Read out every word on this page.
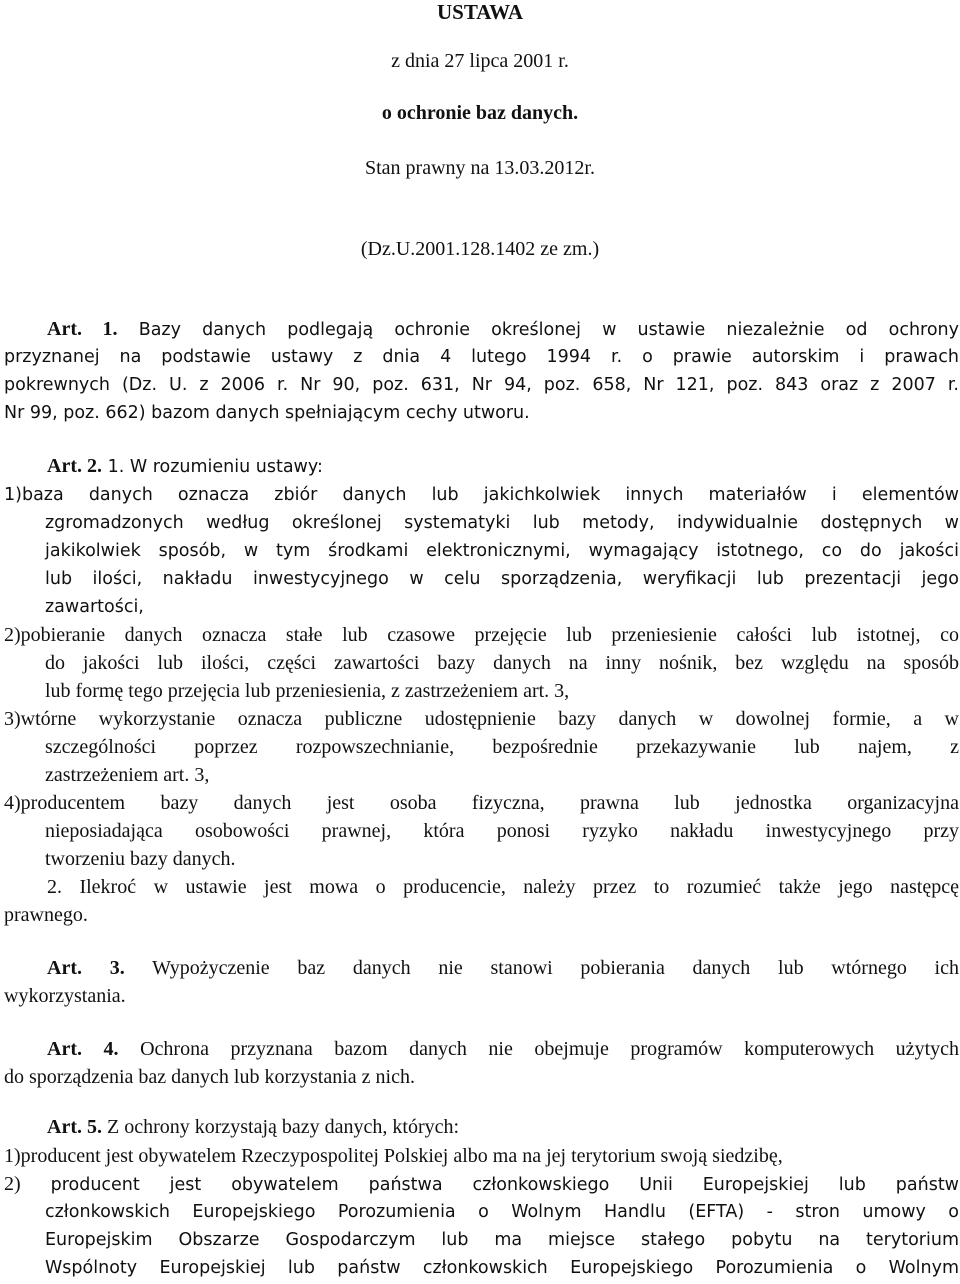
USTAWA
z dnia 27 lipca 2001 r.
o ochronie baz danych.
Stan prawny na 13.03.2012r.
(Dz.U.2001.128.1402 ze zm.)
Art. 1. Bazy danych podlegają ochronie określonej w ustawie niezależnie od ochrony
przyznanej na podstawie ustawy z dnia 4 lutego 1994 r. o prawie autorskim i prawach
pokrewnych (Dz. U. z 2006 r. Nr 90, poz. 631, Nr 94, poz. 658, Nr 121, poz. 843 oraz z 2007 r.
Nr 99, poz. 662) bazom danych spełniającym cechy utworu.
Art. 2. 1. W rozumieniu ustawy:
1)baza danych oznacza zbiór danych lub jakichkolwiek innych materiałów i elementów
zgromadzonych według określonej systematyki lub metody, indywidualnie dostępnych w
jakikolwiek sposób, w tym środkami elektronicznymi, wymagający istotnego, co do jakości
lub ilości, nakładu inwestycyjnego w celu sporządzenia, weryfikacji lub prezentacji jego
zawartości,
2)pobieranie danych oznacza stałe lub czasowe przejęcie lub przeniesienie całości lub istotnej, co
do jakości lub ilości, części zawartości bazy danych na inny nośnik, bez względu na sposób
lub formę tego przejęcia lub przeniesienia, z zastrzeżeniem art. 3,
3)wtórne wykorzystanie oznacza publiczne udostępnienie bazy danych w dowolnej formie, a w
szczególności poprzez rozpowszechnianie, bezpośrednie przekazywanie lub najem, z
zastrzeżeniem art. 3,
4)producentem bazy danych jest osoba fizyczna, prawna lub jednostka organizacyjna
nieposiadająca osobowości prawnej, która ponosi ryzyko nakładu inwestycyjnego przy
tworzeniu bazy danych.
2. Ilekroć w ustawie jest mowa o producencie, należy przez to rozumieć także jego następcę
prawnego.
Art. 3. Wypożyczenie baz danych nie stanowi pobierania danych lub wtórnego ich
wykorzystania.
Art. 4. Ochrona przyznana bazom danych nie obejmuje programów komputerowych użytych
do sporządzenia baz danych lub korzystania z nich.
Art. 5. Z ochrony korzystają bazy danych, których:
1)producent jest obywatelem Rzeczypospolitej Polskiej albo ma na jej terytorium swoją siedzibę,
2) producent jest obywatelem państwa członkowskiego Unii Europejskiej lub państw
członkowskich Europejskiego Porozumienia o Wolnym Handlu (EFTA) - stron umowy o
Europejskim Obszarze Gospodarczym lub ma miejsce stałego pobytu na terytorium
Wspólnoty Europejskiej lub państw członkowskich Europejskiego Porozumienia o Wolnym
